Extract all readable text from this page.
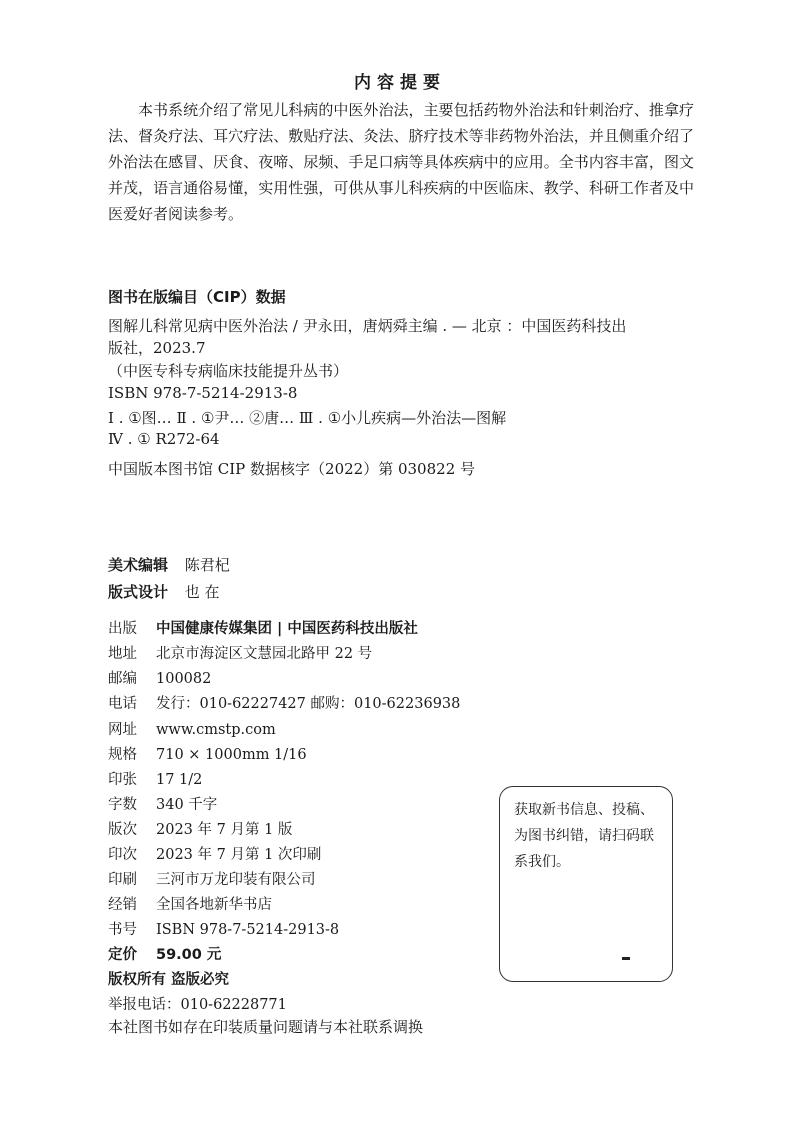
内容提要

本书系统介绍了常见儿科病的中医外治法，主要包括药物外治法和针刺治疗、推拿疗法、督灸疗法、耳穴疗法、敷贴疗法、灸法、脐疗技术等非药物外治法，并且侧重介绍了外治法在感冒、厌食、夜啼、尿频、手足口病等具体疾病中的应用。全书内容丰富，图文并茂，语言通俗易懂，实用性强，可供从事儿科疾病的中医临床、教学、科研工作者及中医爱好者阅读参考。

图书在版编目（CIP）数据
图解儿科常见病中医外治法 / 尹永田，唐炳舜主编 . — 北京 ：中国医药科技出
版社，2023.7
（中医专科专病临床技能提升丛书）
ISBN 978-7-5214-2913-8
Ⅰ . ①图… Ⅱ . ①尹… ②唐… Ⅲ . ①小儿疾病—外治法—图解
Ⅳ . ① R272-64
中国版本图书馆 CIP 数据核字（2022）第 030822 号
美术编辑 陈君杞
版式设计 也 在
出版 中国健康传媒集团 | 中国医药科技出版社
地址 北京市海淀区文慧园北路甲 22 号
邮编 100082
电话 发行：010-62227427 邮购：010-62236938
网址 www.cmstp.com
规格 710 × 1000mm 1/16
印张 17 1/2
字数 340 千字
版次 2023 年 7 月第 1 版
印次 2023 年 7 月第 1 次印刷
印刷 三河市万龙印装有限公司
经销 全国各地新华书店
书号 ISBN 978-7-5214-2913-8
定价 59.00 元
版权所有 盗版必究
举报电话：010-62228771
本社图书如存在印装质量问题请与本社联系调换
获取新书信息、投稿、为图书纠错，请扫码联系我们。
